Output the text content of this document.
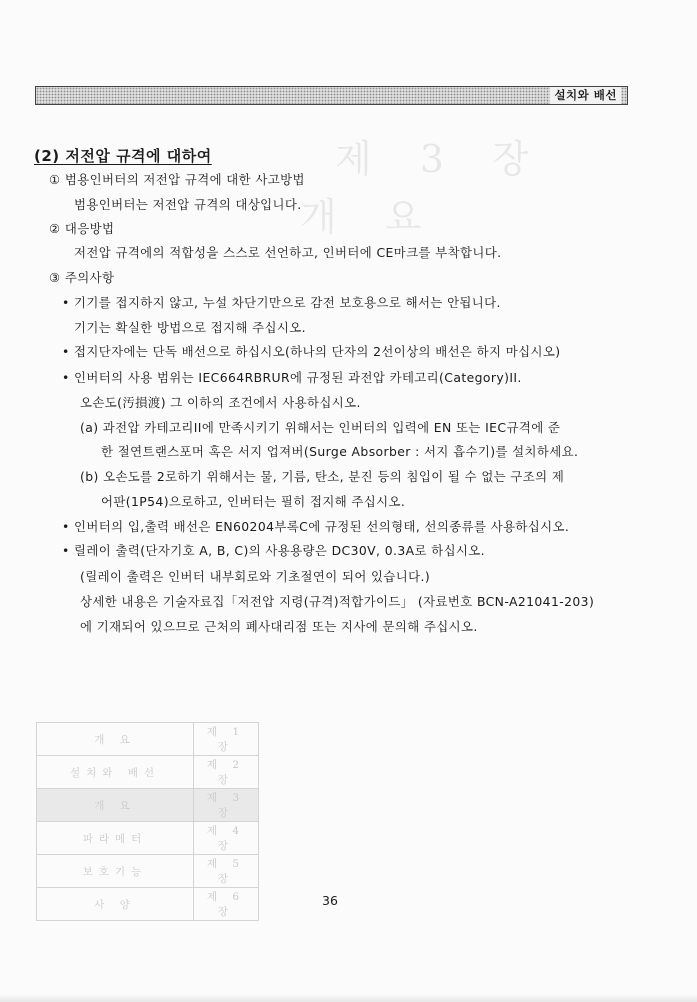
설치와 배선
제 3 장
개 요
(2) 저전압 규격에 대하여
① 범용인버터의 저전압 규격에 대한 사고방법
범용인버터는 저전압 규격의 대상입니다.
② 대응방법
저전압 규격에의 적합성을 스스로 선언하고, 인버터에 CE마크를 부착합니다.
③ 주의사항
• 기기를 접지하지 않고, 누설 차단기만으로 감전 보호용으로 해서는 안됩니다.
기기는 확실한 방법으로 접지해 주십시오.
• 접지단자에는 단독 배선으로 하십시오(하나의 단자의 2선이상의 배선은 하지 마십시오)
• 인버터의 사용 범위는 IEC664RBRUR에 규정된 과전압 카테고리(Category)II.
오손도(汚損渡) 그 이하의 조건에서 사용하십시오.
(a) 과전압 카테고리II에 만족시키기 위해서는 인버터의 입력에 EN 또는 IEC규격에 준
한 절연트랜스포머 혹은 서지 업져버(Surge Absorber : 서지 흡수기)를 설치하세요.
(b) 오손도를 2로하기 위해서는 물, 기름, 탄소, 분진 등의 침입이 될 수 없는 구조의 제
어판(1P54)으로하고, 인버터는 필히 접지해 주십시오.
• 인버터의 입,출력 배선은 EN60204부록C에 규정된 선의형태, 선의종류를 사용하십시오.
• 릴레이 출력(단자기호 A, B, C)의 사용용량은 DC30V, 0.3A로 하십시오.
(릴레이 출력은 인버터 내부회로와 기초절연이 되어 있습니다.)
상세한 내용은 기술자료집「저전압 지령(규격)적합가이드」 (자료번호 BCN-A21041-203)
에 기재되어 있으므로 근처의 폐사대리점 또는 지사에 문의해 주십시오.
개 요	제 1 장
설치와 배선	제 2 장
개 요	제 3 장
파라메터	제 4 장
보호기능	제 5 장
사 양	제 6 장
36
